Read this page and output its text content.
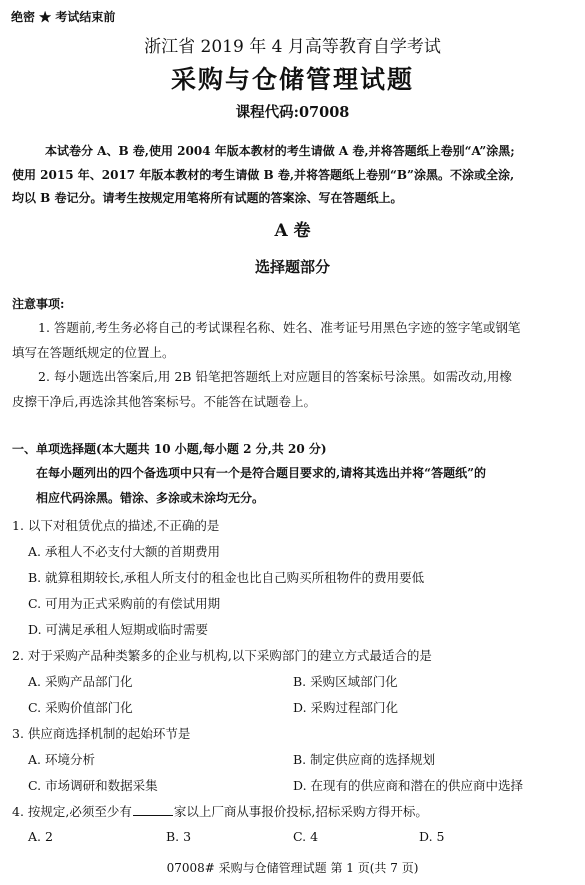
绝密 ★ 考试结束前
浙江省 2019 年 4 月高等教育自学考试
采购与仓储管理试题
课程代码:07008
本试卷分 A、B 卷,使用 2004 年版本教材的考生请做 A 卷,并将答题纸上卷别“A”涂黑;
使用 2015 年、2017 年版本教材的考生请做 B 卷,并将答题纸上卷别“B”涂黑。不涂或全涂,
均以 B 卷记分。请考生按规定用笔将所有试题的答案涂、写在答题纸上。
A 卷
选择题部分
注意事项:
1. 答题前,考生务必将自己的考试课程名称、姓名、准考证号用黑色字迹的签字笔或钢笔
填写在答题纸规定的位置上。
2. 每小题选出答案后,用 2B 铅笔把答题纸上对应题目的答案标号涂黑。如需改动,用橡
皮擦干净后,再选涂其他答案标号。不能答在试题卷上。
一、单项选择题(本大题共 10 小题,每小题 2 分,共 20 分)
在每小题列出的四个备选项中只有一个是符合题目要求的,请将其选出并将“答题纸”的
相应代码涂黑。错涂、多涂或未涂均无分。
1. 以下对租赁优点的描述,不正确的是
A. 承租人不必支付大额的首期费用
B. 就算租期较长,承租人所支付的租金也比自己购买所租物件的费用要低
C. 可用为正式采购前的有偿试用期
D. 可满足承租人短期或临时需要
2. 对于采购产品种类繁多的企业与机构,以下采购部门的建立方式最适合的是
A. 采购产品部门化	B. 采购区域部门化
C. 采购价值部门化	D. 采购过程部门化
3. 供应商选择机制的起始环节是
A. 环境分析	B. 制定供应商的选择规划
C. 市场调研和数据采集	D. 在现有的供应商和潜在的供应商中选择
4. 按规定,必须至少有	家以上厂商从事报价投标,招标采购方得开标。
A. 2	B. 3	C. 4	D. 5
07008# 采购与仓储管理试题 第 1 页(共 7 页)
